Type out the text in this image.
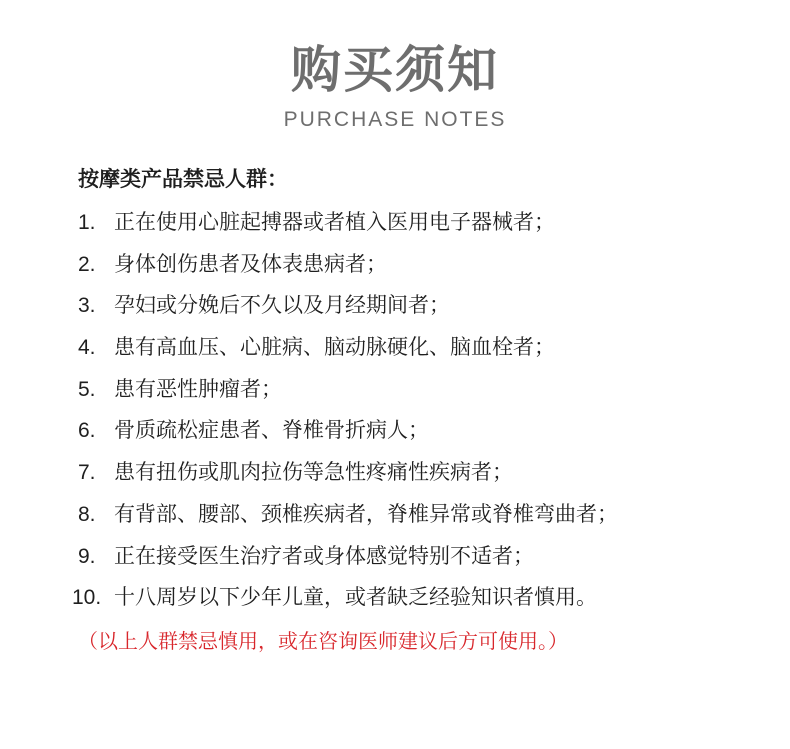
购买须知
PURCHASE NOTES
按摩类产品禁忌人群：
1. 正在使用心脏起搏器或者植入医用电子器械者；
2. 身体创伤患者及体表患病者；
3. 孕妇或分娩后不久以及月经期间者；
4. 患有高血压、心脏病、脑动脉硬化、脑血栓者；
5. 患有恶性肿瘤者；
6. 骨质疏松症患者、脊椎骨折病人；
7. 患有扭伤或肌肉拉伤等急性疼痛性疾病者；
8. 有背部、腰部、颈椎疾病者，脊椎异常或脊椎弯曲者；
9. 正在接受医生治疗者或身体感觉特别不适者；
10. 十八周岁以下少年儿童，或者缺乏经验知识者慎用。
（以上人群禁忌慎用，或在咨询医师建议后方可使用。）
